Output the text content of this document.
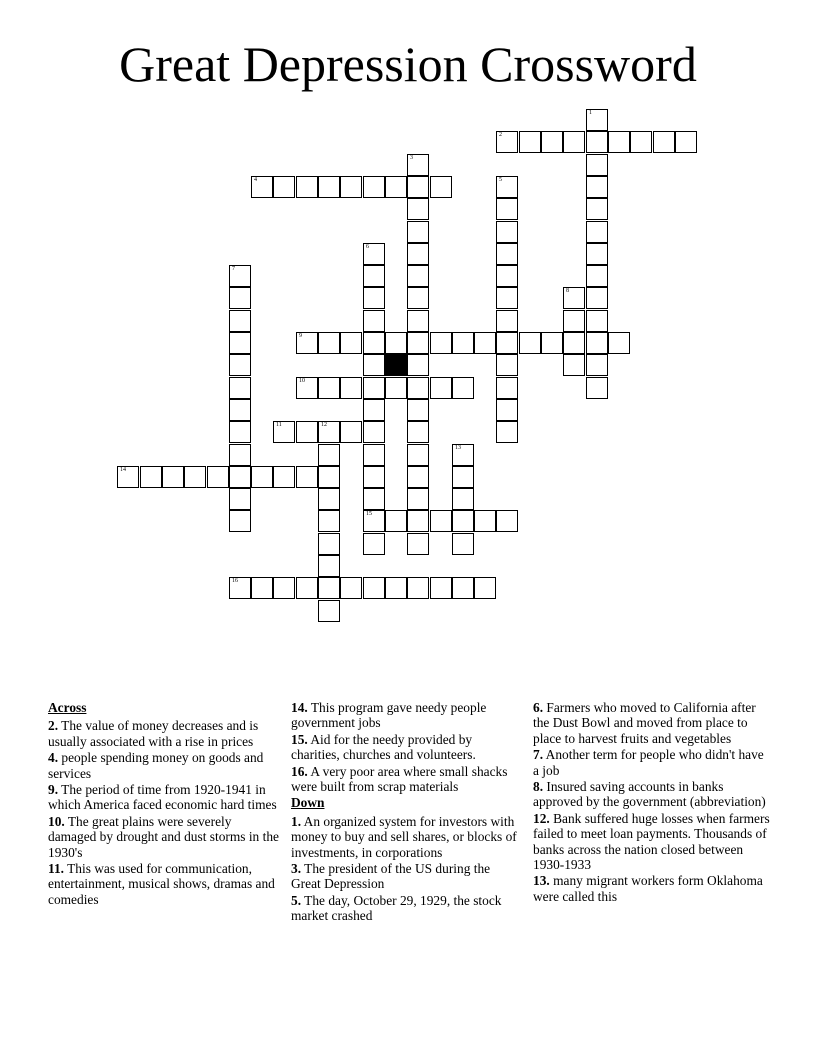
Great Depression Crossword
1
2
3
4	5
6
15
7
8
9
10
11	12
13
14
16

Across

2. The value of money decreases and is usually associated with a rise in prices

4. people spending money on goods and services

9. The period of time from 1920-1941 in which America faced economic hard times

10. The great plains were severely damaged by drought and dust storms in the 1930's

11. This was used for communication, entertainment, musical shows, dramas and comedies

14. This program gave needy people government jobs

15. Aid for the needy provided by charities, churches and volunteers.

16. A very poor area where small shacks were built from scrap materials

Down

1. An organized system for investors with money to buy and sell shares, or blocks of investments, in corporations

3. The president of the US during the Great Depression

5. The day, October 29, 1929, the stock market crashed

6. Farmers who moved to California after the Dust Bowl and moved from place to place to harvest fruits and vegetables

7. Another term for people who didn't have a job

8. Insured saving accounts in banks approved by the government (abbreviation)

12. Bank suffered huge losses when farmers failed to meet loan payments. Thousands of banks across the nation closed between 1930-1933

13. many migrant workers form Oklahoma were called this
